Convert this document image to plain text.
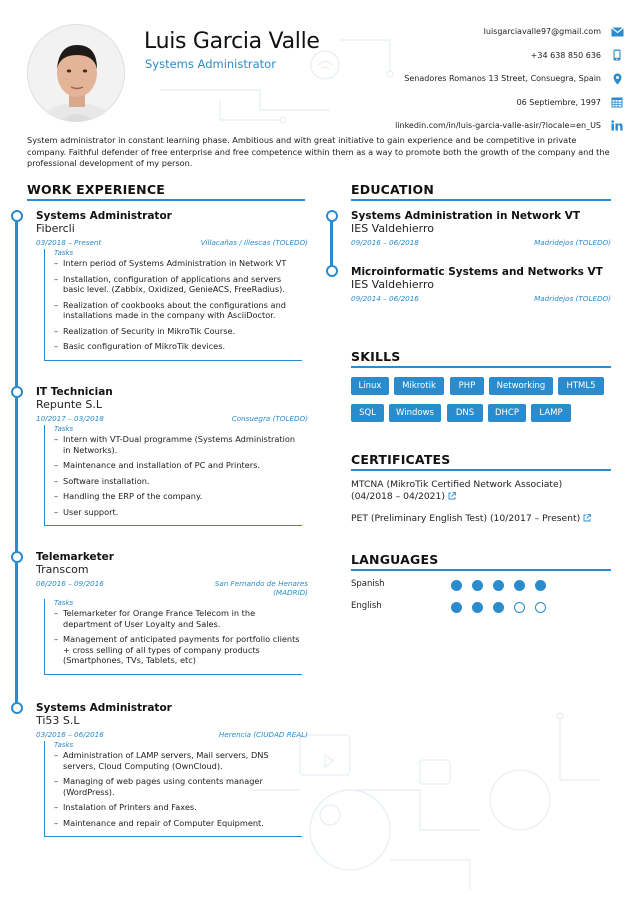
Luis Garcia Valle
Systems Administrator
luisgarciavalle97@gmail.com
+34 638 850 636
Senadores Romanos 13 Street, Consuegra, Spain
06 Septiembre, 1997
linkedin.com/in/luis-garcia-valle-asir/?locale=en_US
System administrator in constant learning phase. Ambitious and with great initiative to gain experience and be competitive in private company. Faithful defender of free enterprise and free competence within them as a way to promote both the growth of the company and the professional development of my person.
WORK EXPERIENCE
Systems Administrator
Fibercli
03/2018 – Present	Villacañas / Illescas (TOLEDO)
Tasks
– Intern period of Systems Administration in Network VT
– Installation, configuration of applications and servers basic level. (Zabbix, Oxidized, GenieACS, FreeRadius).
– Realization of cookbooks about the configurations and installations made in the company with AsciiDoctor.
– Realization of Security in MikroTik Course.
– Basic configuration of MikroTik devices.
IT Technician
Repunte S.L
10/2017 – 03/2018	Consuegra (TOLEDO)
Tasks
– Intern with VT-Dual programme (Systems Administration in Networks).
– Maintenance and installation of PC and Printers.
– Software installation.
– Handling the ERP of the company.
– User support.
Telemarketer
Transcom
06/2016 – 09/2016	San Fernando de Henares (MADRID)
Tasks
– Telemarketer for Orange France Telecom in the department of User Loyalty and Sales.
– Management of anticipated payments for portfolio clients + cross selling of all types of company products (Smartphones, TVs, Tablets, etc)
Systems Administrator
Ti53 S.L
03/2016 – 06/2016	Herencia (CIUDAD REAL)
Tasks
– Administration of LAMP servers, Mail servers, DNS servers, Cloud Computing (OwnCloud).
– Managing of web pages using contents manager (WordPress).
– Instalation of Printers and Faxes.
– Maintenance and repair of Computer Equipment.
EDUCATION
Systems Administration in Network VT
IES Valdehierro
09/2016 – 06/2018	Madridejos (TOLEDO)
Microinformatic Systems and Networks VT
IES Valdehierro
09/2014 – 06/2016	Madridejos (TOLEDO)
SKILLS
Linux	Mikrotik	PHP	Networking	HTML5
SQL	Windows	DNS	DHCP	LAMP
CERTIFICATES
MTCNA (MikroTik Certified Network Associate) (04/2018 – 04/2021)
PET (Preliminary English Test) (10/2017 – Present)
LANGUAGES
Spanish
English
